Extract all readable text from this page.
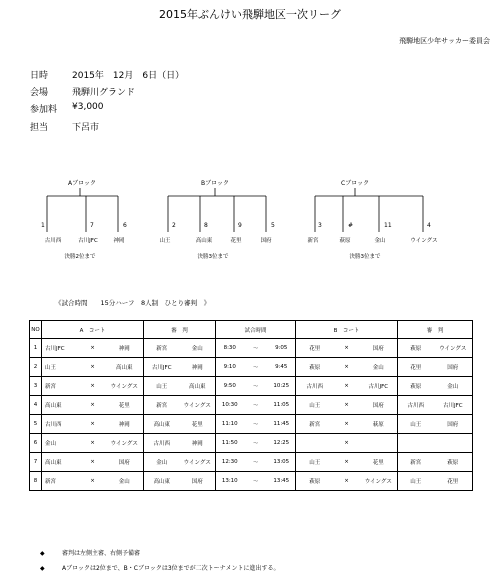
2015年ぶんけい飛騨地区一次リーグ
飛騨地区少年サッカー委員会
日時	2015年　12月　6日（日）
会場	飛騨川グランド
参加料 ¥3,000
担当	下呂市
Aブロック	Bブロック	Cブロック
1	7	6
古川西	古川JFC	神岡
決勝2位まで
2	8	9	5
山王	高山東	花里	国府
決勝3位まで
3	#	11	4
新宮	萩原	金山	ウイングス
決勝3位まで
《試合時間　　15分ハーフ　8人制　ひとり審判　》
NO	A　コート			審　判		試合時間			B　コート			審　判	
1	古川JFC	×	神岡	新宮	金山	8:30	～	9:05	花里	×	国府	萩原	ウイングス
2	山王	×	高山東	古川JFC	神岡	9:10	～	9:45	萩原	×	金山	花里	国府
3	新宮	×	ウイングス	山王	高山東	9:50	～	10:25	古川西	×	古川JFC	萩原	金山
4	高山東	×	花里	新宮	ウイングス	10:30	～	11:05	山王	×	国府	古川西	古川JFC
5	古川西	×	神岡	高山東	花里	11:10	～	11:45	新宮	×	萩原	山王	国府
6	金山	×	ウイングス	古川西	神岡	11:50	～	12:25		×			
7	高山東	×	国府	金山	ウイングス	12:30	～	13:05	山王	×	花里	新宮	萩原
8	新宮	×	金山	高山東	国府	13:10	～	13:45	萩原	×	ウイングス	山王	花里
◆	審判は左側主審、右側予備審
◆	Aブロックは2位まで、B・Cブロックは3位までが二次トーナメントに進出する。
